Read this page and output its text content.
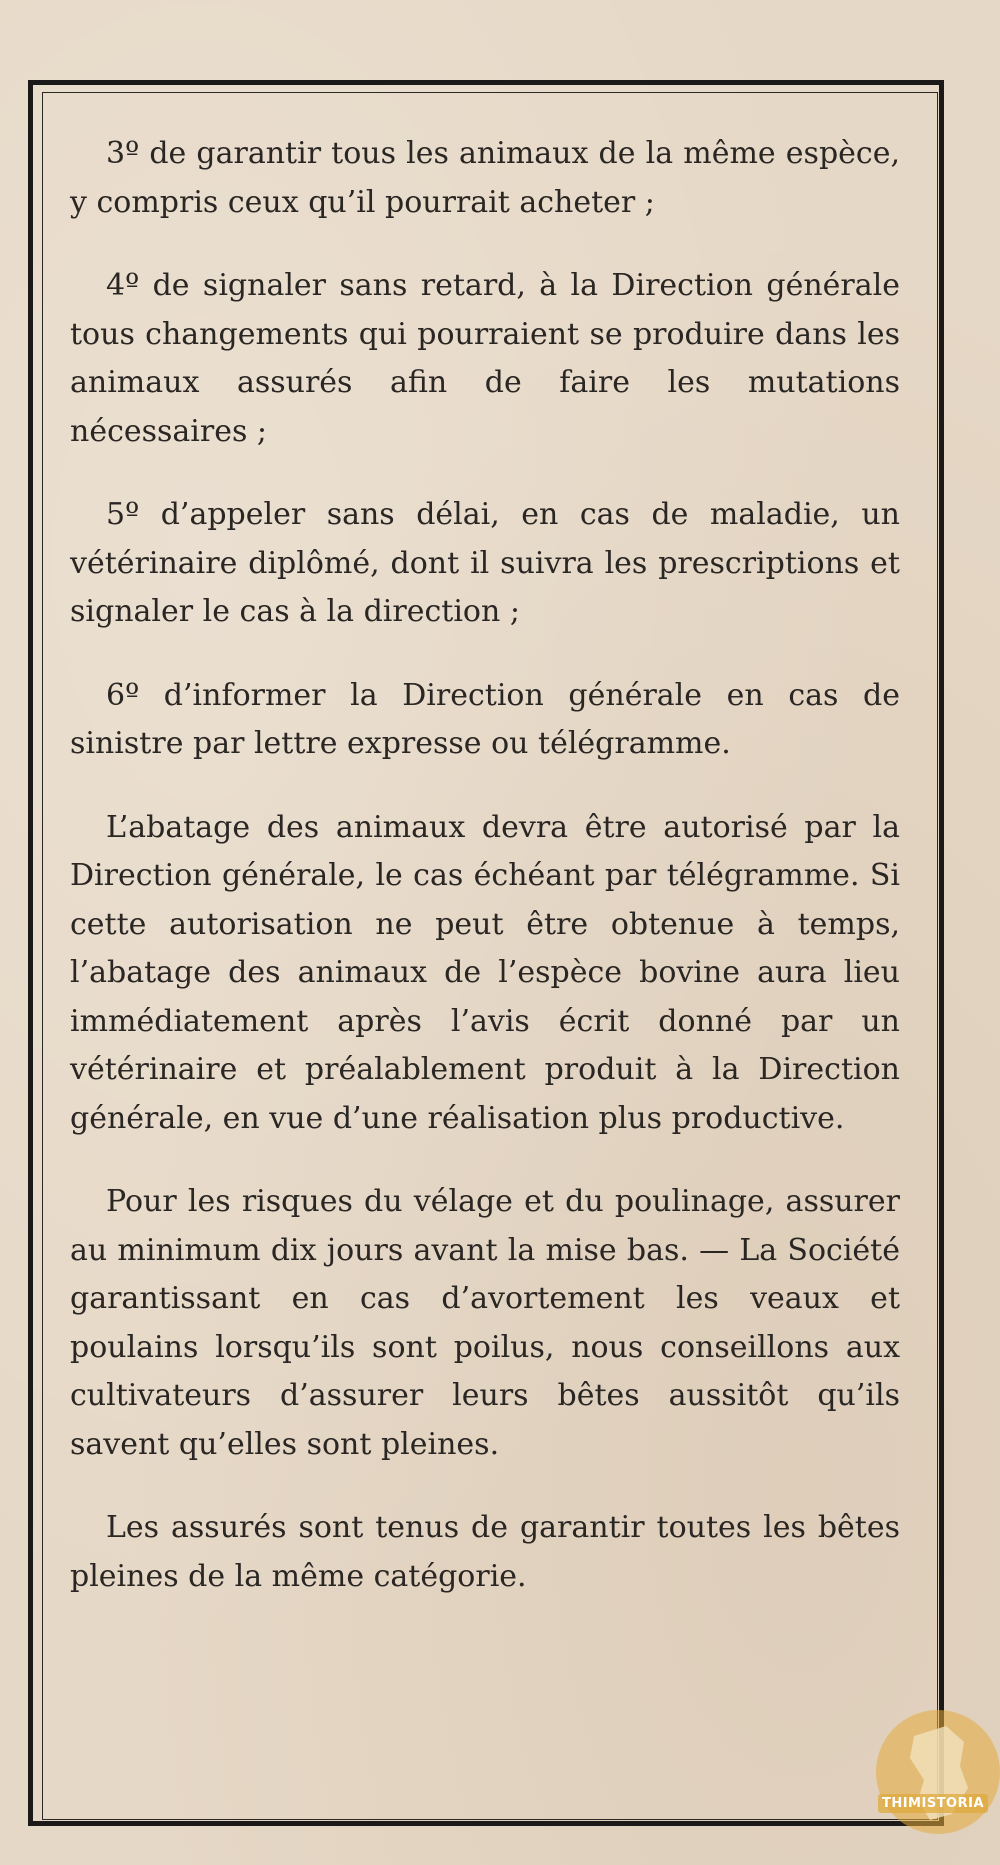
3º de garantir tous les animaux de la même espèce, y compris ceux qu’il pourrait acheter ;

4º de signaler sans retard, à la Direction générale tous changements qui pourraient se produire dans les animaux assurés afin de faire les mutations nécessaires ;

5º d’appeler sans délai, en cas de maladie, un vétérinaire diplômé, dont il suivra les prescriptions et signaler le cas à la direction ;

6º d’informer la Direction générale en cas de sinistre par lettre expresse ou télégramme.

L’abatage des animaux devra être autorisé par la Direction générale, le cas échéant par télégramme. Si cette autorisation ne peut être obtenue à temps, l’abatage des animaux de l’espèce bovine aura lieu immédiatement après l’avis écrit donné par un vétérinaire et préalablement produit à la Direction générale, en vue d’une réalisation plus productive.

Pour les risques du vélage et du poulinage, assurer au minimum dix jours avant la mise bas. — La Société garantissant en cas d’avortement les veaux et poulains lorsqu’ils sont poilus, nous conseillons aux cultivateurs d’assurer leurs bêtes aussitôt qu’ils savent qu’elles sont pleines.

Les assurés sont tenus de garantir toutes les bêtes pleines de la même catégorie.

THIMISTORIA
